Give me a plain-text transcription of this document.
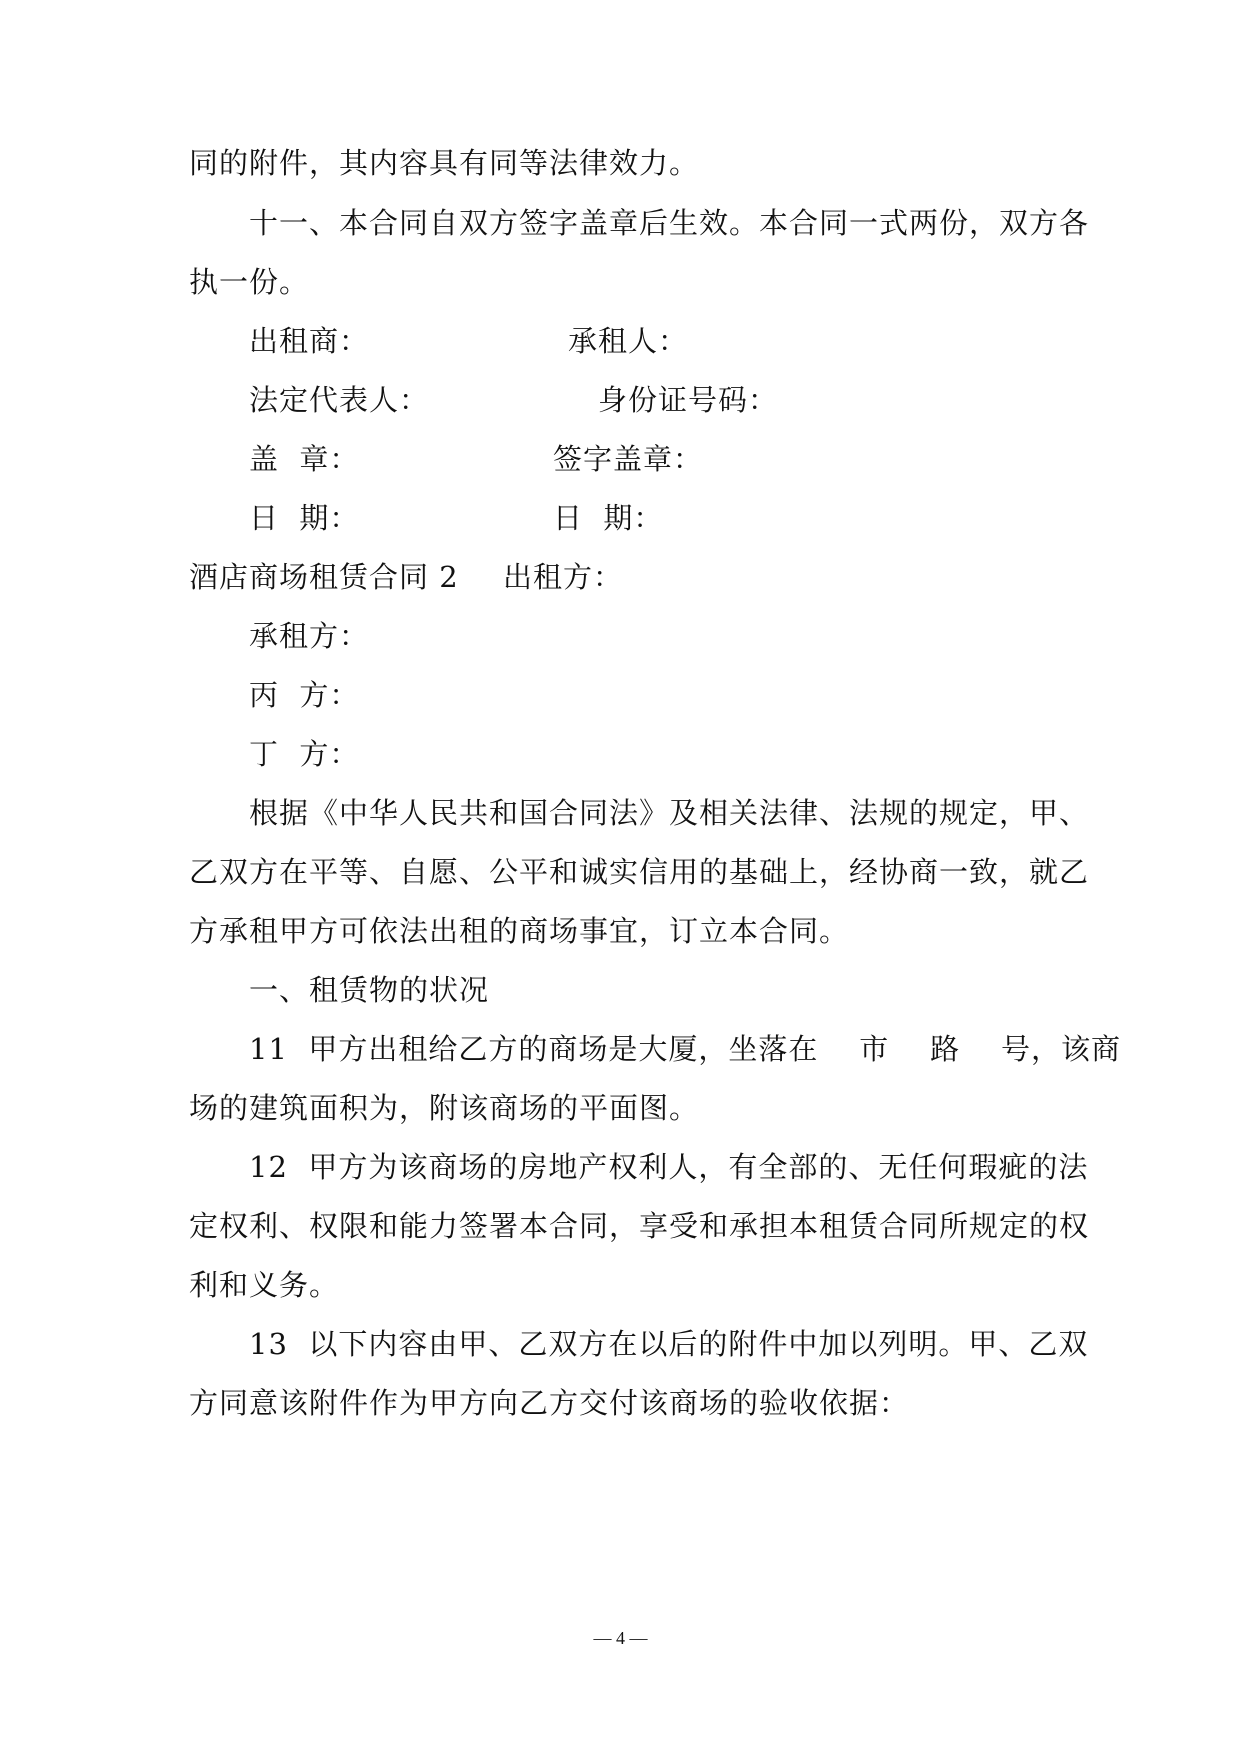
同的附件，其内容具有同等法律效力。
十一、本合同自双方签字盖章后生效。本合同一式两份，双方各
执一份。
出租商：	承租人：
法定代表人：	身份证号码：
盖  章：	签字盖章：
日  期：	日  期：
酒店商场租赁合同 2 出租方：
承租方：
丙  方：
丁  方：
根据《中华人民共和国合同法》及相关法律、法规的规定，甲、
乙双方在平等、自愿、公平和诚实信用的基础上，经协商一致，就乙
方承租甲方可依法出租的商场事宜，订立本合同。
一、租赁物的状况
11  甲方出租给乙方的商场是大厦，坐落在    市    路    号，该商
场的建筑面积为，附该商场的平面图。
12  甲方为该商场的房地产权利人，有全部的、无任何瑕疵的法
定权利、权限和能力签署本合同，享受和承担本租赁合同所规定的权
利和义务。
13  以下内容由甲、乙双方在以后的附件中加以列明。甲、乙双
方同意该附件作为甲方向乙方交付该商场的验收依据：
— 4 —
